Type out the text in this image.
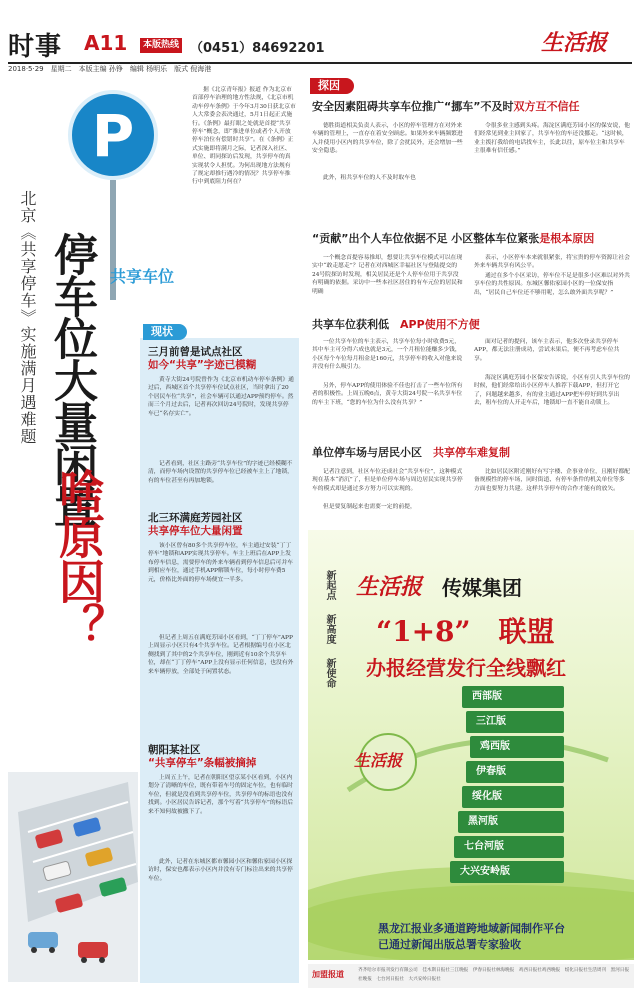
时事 A11	本版热线 （0451）84692201	生活报
2018·5·29　星期二　本版主编 孙铮　编辑 杨明乐　版式 倪海港
P
北京《共享停车》实施满月遇难题 停车位大量闲置
啥原因？
共享车位
据《北京青年报》报道 作为北京市首部停车治理的地方性法规，《北京市机动车停车条例》于今年3月30日获北京市人大常委会表决通过，5月1日起正式施行。《条例》最打眼之处就是首提“共享停车”概念，即“推进单位或者个人开放停车泊位有偿错时共享”。在《条例》正式实施即将满月之际，记者深入社区、单位、胡同探访后发现，共享停车的真实现状令人担忧。为何出现地方法规有了规定却推行遇冷的情况？共享停车推行中到底阻力何在？
现状
三月前曾是试点社区
如今“共享”字迹已模糊
黄寺大街24号院曾作为《北京市机动车停车条例》通过后，西城区首个共享停车位试点社区，当时拿出了20个居民车位“共享”，社会车辆可以通过APP预约停车。然而三个月过去后，记者再次回访24号院时，发现共享停车已“名存实亡”。
记者看到，社区主路旁“共享车位”的字迹已经模糊不清，而停车场内设置的共享停车位已经被车主上了地锁，有的车位甚至有再加地锁。
北三环满庭芳园社区
共享停车位大量闲置
该小区曾有80多个共享停车位，车主通过安装“丁丁停车”地锁和APP实现共享停车。车主上班后在APP上发布停车信息，需要停车的外来车辆看到停车信息后可并车到相应车位，通过手机APP解锁车位，每小时停车费5元，价格比外面的停车场便宜一半多。
但记者上周五在满庭芳园小区看到，“丁丁停车”APP上周显示小区只有4个共享车位。记者根据编号在小区北侧找到了其中的2个共享车位，刚到近有10余个共享车位，却在“丁丁停车”APP上没有显示任何信息，也没有外来车辆停放，全部处于闲置状态。
朝阳某社区
“共享停车”条幅被摘掉
上周五上午，记者在朝阳区望京某小区看到，小区内划分了清晰的车位，既有带着车号的固定车位，也有临时车位，但就是没看到共享停车位，共享停车的标语也没有找到。小区居民告诉记者，那个写着“共享停车”的标语后来不知何故被撤下了。
此外，记者在东城区都市馨园小区和馨佑家园小区探访时，保安也都表示小区内并没有专门标注出来的共享停车位。
探因
安全因素阻碍共享车位推广“挪车”不及时双方互不信任
德胜街道相关负责人表示，小区的停车管理方在对外来车辆的管理上，一直存在着安全顾虑。如果外来车辆频繁进入并使用小区内的共享车位，除了会扰民外，还会增加一些安全隐患。
此外，租共享车位的人不及时取车也
令很多业主感到头疼。海淀区满庭芳园小区的保安说，他们经常见到业主回家了，共享车位的车还没挪走。“这时候，业主拨打我给的电话找车主，长此以往，原车位主和共享车主很难有信任感。”
“贡献”出个人车位依据不足 小区整体车位紧张是根本原因
一个概念首提容易推却，想要让共享车位模式可以在现实中“敢走愿走”？记者在对西城区幸福社区与登陆提交的24号院探访时发现，相关居民还是个人停车位用于共享没有明确的依据。采访中一些本社区居住的有车元位的居民和明确
表示，小区停车本来就很紧张，将宝贵的停车资源让社会外来车辆共享有风公平。
通过在多个小区采访，停车位不足是很多小区难以对外共享车位的共性原因。东城区馨佑家园小区的一位保安指出，“居民自己车位还不够用呢，怎么敢外面共享呢？”
共享车位获利低　 APP使用不方便
一位共享车位的车主表示，共享车位每小时收费5元，其中车主可分得六成也就是3元，一个月租位能赚多少钱，小区每个车位每月租金是160元，共享停车的收入对他来说并没有什么吸引力。
另外，停车APP的使用体验不佳也打击了一些车位所有者的积极性。上周五晚6点，黄寺大街24号院一名共享车位的车主下班，“您的车位为什么没有共享？”
面对记者的提问，该车主表示，他多次登录共享停车APP，都无法注册成功，尝试未果后，便不再考虑车位共享。
海淀区满庭芳园小区保安告诉说，小区有引人共享车位的时候，他们经常给出小区停车人推荐下载APP，但打开它了，问题越来越多，有的业主通过APP把车停好到共享出去，租车位的人开走车后，地锁却一直不能自动锁上。
单位停车场与居民小区　 共享停车难复制
记者注意到，社区车位还成社会“共享车位”，这种模式现在基本“消沉”了，但是单位停车场与周边居民实现共享停车的模式却是通过多方努力可以实现的。
但是要复制起来也需要一定的前提，
比如居民区附近刚好有写字楼、企事业单位，且刚好都配备规模性的停车场，同时街道、有停车条件的机关单位等多方面也要努力共建。这样共享停车的合作才能有的放矢。
新起点
新高度
新使命
生活报 传媒集团
“1+8”　联盟
办报经营发行全线飘红
生活报
西部版
三江版
鸡西版
伊春版
绥化版
黑河版
七台河版
大兴安岭版
黑龙江报业多通道跨地域新闻制作平台
已通过新闻出版总署专家验收
加盟报道	齐齐哈尔市报刊发行有限公司　佳木斯日报社三江晚报　伊春日报社林海晚报　鸡西日报社鸡西晚报　绥化日报社生活周刊　黑河日报社晚报　七台河日报社　大兴安岭日报社
